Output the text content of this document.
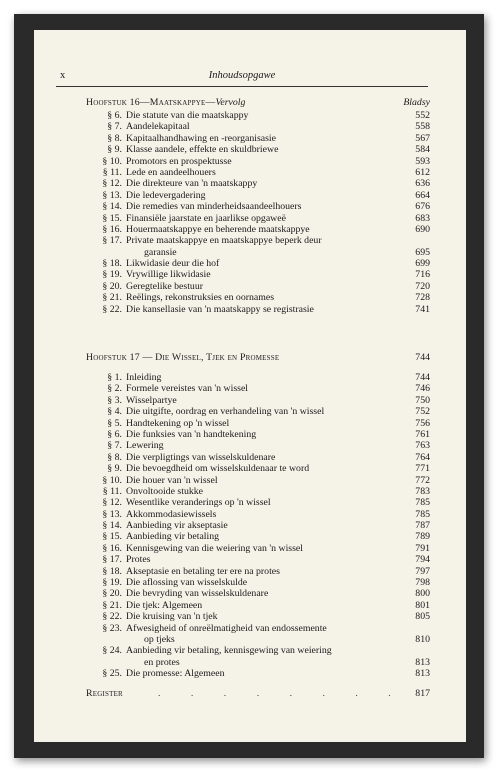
x	Inhoudsopgawe
Hoofstuk 16—Maatskappye—Vervolg	Bladsy
§ 6. Die statute van die maatskappy	552
§ 7. Aandelekapitaal	558
§ 8. Kapitaalhandhawing en -reorganisasie	567
§ 9. Klasse aandele, effekte en skuldbriewe	584
§ 10. Promotors en prospektusse	593
§ 11. Lede en aandeelhouers	612
§ 12. Die direkteure van 'n maatskappy	636
§ 13. Die ledevergadering	664
§ 14. Die remedies van minderheidsaandeelhouers	676
§ 15. Finansiële jaarstate en jaarlikse opgaweë	683
§ 16. Houermaatskappye en beherende maatskappye	690
§ 17. Private maatskappye en maatskappye beperk deur
garansie	695
§ 18. Likwidasie deur die hof	699
§ 19. Vrywillige likwidasie	716
§ 20. Geregtelike bestuur	720
§ 21. Reëlings, rekonstruksies en oornames	728
§ 22. Die kansellasie van 'n maatskappy se registrasie	741
Hoofstuk 17 — Die Wissel, Tjek en Promesse	744
§ 1. Inleiding	744
§ 2. Formele vereistes van 'n wissel	746
§ 3. Wisselpartye	750
§ 4. Die uitgifte, oordrag en verhandeling van 'n wissel	752
§ 5. Handtekening op 'n wissel	756
§ 6. Die funksies van 'n handtekening	761
§ 7. Lewering	763
§ 8. Die verpligtings van wisselskuldenare	764
§ 9. Die bevoegdheid om wisselskuldenaar te word	771
§ 10. Die houer van 'n wissel	772
§ 11. Onvoltooide stukke	783
§ 12. Wesentlike veranderings op 'n wissel	785
§ 13. Akkommodasiewissels	785
§ 14. Aanbieding vir akseptasie	787
§ 15. Aanbieding vir betaling	789
§ 16. Kennisgewing van die weiering van 'n wissel	791
§ 17. Protes	794
§ 18. Akseptasie en betaling ter ere na protes	797
§ 19. Die aflossing van wisselskulde	798
§ 20. Die bevryding van wisselskuldenare	800
§ 21. Die tjek: Algemeen	801
§ 22. Die kruising van 'n tjek	805
§ 23. Afwesigheid of onreëlmatigheid van endossemente
op tjeks	810
§ 24. Aanbieding vir betaling, kennisgewing van weiering
en protes	813
§ 25. Die promesse: Algemeen	813
Register	. . . . . . . . 817
